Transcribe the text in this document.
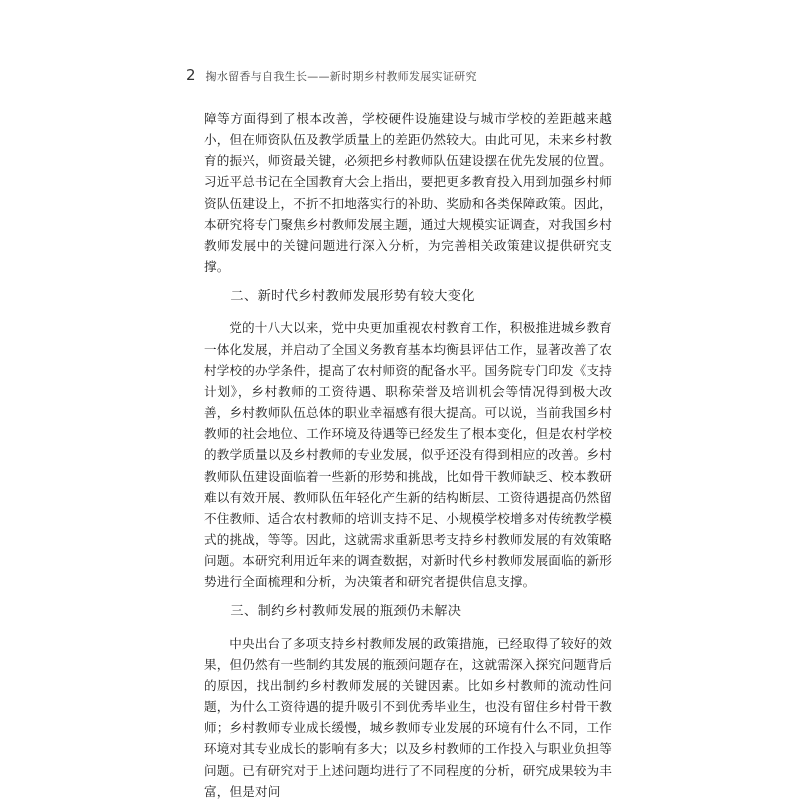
2 掬水留香与自我生长——新时期乡村教师发展实证研究

障等方面得到了根本改善，学校硬件设施建设与城市学校的差距越来越小，但在师资队伍及教学质量上的差距仍然较大。由此可见，未来乡村教育的振兴，师资最关键，必须把乡村教师队伍建设摆在优先发展的位置。习近平总书记在全国教育大会上指出，要把更多教育投入用到加强乡村师资队伍建设上，不折不扣地落实行的补助、奖励和各类保障政策。因此，本研究将专门聚焦乡村教师发展主题，通过大规模实证调查，对我国乡村教师发展中的关键问题进行深入分析，为完善相关政策建议提供研究支撑。

二、新时代乡村教师发展形势有较大变化

党的十八大以来，党中央更加重视农村教育工作，积极推进城乡教育一体化发展，并启动了全国义务教育基本均衡县评估工作，显著改善了农村学校的办学条件，提高了农村师资的配备水平。国务院专门印发《支持计划》，乡村教师的工资待遇、职称荣誉及培训机会等情况得到极大改善，乡村教师队伍总体的职业幸福感有很大提高。可以说，当前我国乡村教师的社会地位、工作环境及待遇等已经发生了根本变化，但是农村学校的教学质量以及乡村教师的专业发展，似乎还没有得到相应的改善。乡村教师队伍建设面临着一些新的形势和挑战，比如骨干教师缺乏、校本教研难以有效开展、教师队伍年轻化产生新的结构断层、工资待遇提高仍然留不住教师、适合农村教师的培训支持不足、小规模学校增多对传统教学模式的挑战，等等。因此，这就需求重新思考支持乡村教师发展的有效策略问题。本研究利用近年来的调查数据，对新时代乡村教师发展面临的新形势进行全面梳理和分析，为决策者和研究者提供信息支撑。

三、制约乡村教师发展的瓶颈仍未解决

中央出台了多项支持乡村教师发展的政策措施，已经取得了较好的效果，但仍然有一些制约其发展的瓶颈问题存在，这就需深入探究问题背后的原因，找出制约乡村教师发展的关键因素。比如乡村教师的流动性问题，为什么工资待遇的提升吸引不到优秀毕业生，也没有留住乡村骨干教师；乡村教师专业成长缓慢，城乡教师专业发展的环境有什么不同，工作环境对其专业成长的影响有多大；以及乡村教师的工作投入与职业负担等问题。已有研究对于上述问题均进行了不同程度的分析，研究成果较为丰富，但是对问
